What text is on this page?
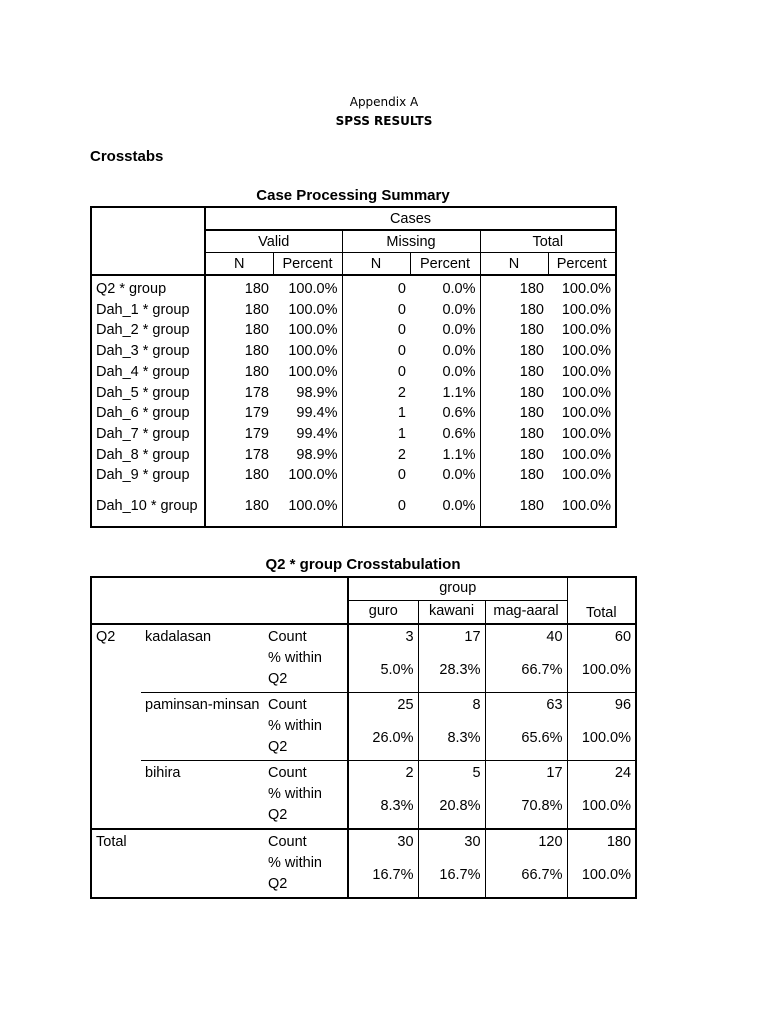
Appendix A
SPSS RESULTS
Crosstabs
Case Processing Summary
	Cases					
	Valid		Missing		Total	
	N	Percent	N	Percent	N	Percent
Q2 * group	180	100.0%	0	0.0%	180	100.0%
Dah_1 * group	180	100.0%	0	0.0%	180	100.0%
Dah_2 * group	180	100.0%	0	0.0%	180	100.0%
Dah_3 * group	180	100.0%	0	0.0%	180	100.0%
Dah_4 * group	180	100.0%	0	0.0%	180	100.0%
Dah_5 * group	178	98.9%	2	1.1%	180	100.0%
Dah_6 * group	179	99.4%	1	0.6%	180	100.0%
Dah_7 * group	179	99.4%	1	0.6%	180	100.0%
Dah_8 * group	178	98.9%	2	1.1%	180	100.0%
Dah_9 * group	180	100.0%	0	0.0%	180	100.0%
Dah_10 * group	180	100.0%	0	0.0%	180	100.0%
Q2 * group Crosstabulation
			group			Total
			guro	kawani	mag-aaral	
Q2	kadalasan	Count	3	17	40	60
		% within Q2	5.0%	28.3%	66.7%	100.0%
	paminsan-minsan	Count	25	8	63	96
		% within Q2	26.0%	8.3%	65.6%	100.0%
	bihira	Count	2	5	17	24
		% within Q2	8.3%	20.8%	70.8%	100.0%
Total		Count	30	30	120	180
		% within Q2	16.7%	16.7%	66.7%	100.0%
